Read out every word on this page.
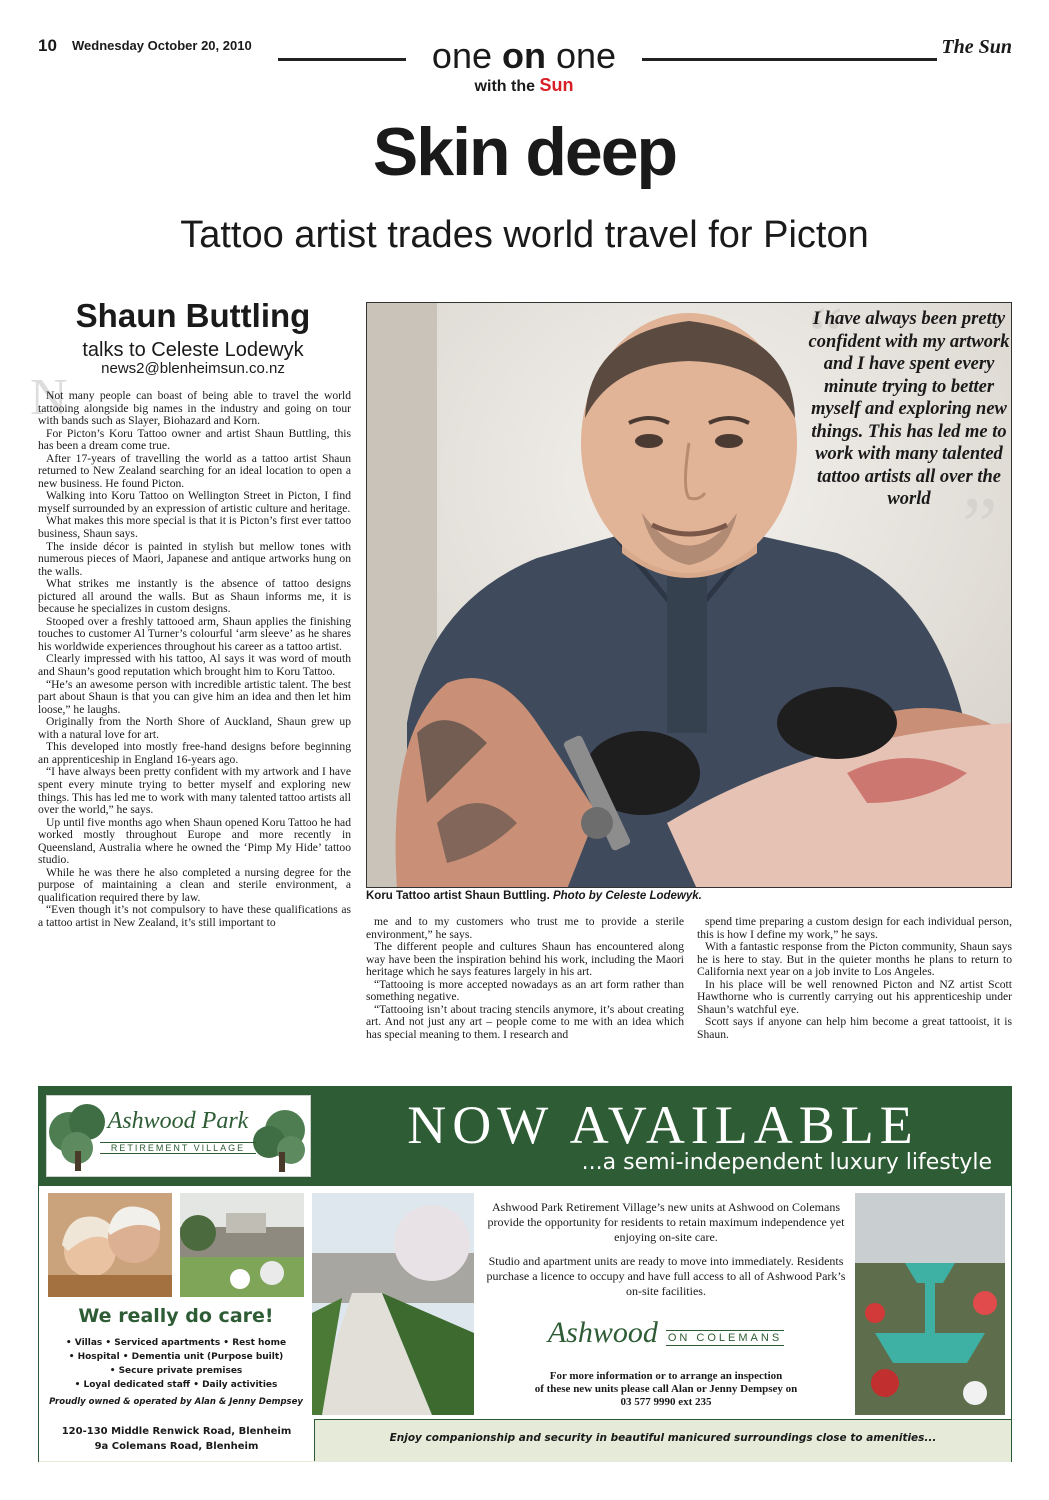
10 Wednesday October 20, 2010	one on one
with the Sun
The Sun
Skin deep
Tattoo artist trades world travel for Picton
Shaun Buttling
talks to Celeste Lodewyk
news2@blenheimsun.co.nz
N

Not many people can boast of being able to travel the world tattooing alongside big names in the industry and going on tour with bands such as Slayer, Biohazard and Korn.

For Picton’s Koru Tattoo owner and artist Shaun Buttling, this has been a dream come true.

After 17-years of travelling the world as a tattoo artist Shaun returned to New Zealand searching for an ideal location to open a new business. He found Picton.

Walking into Koru Tattoo on Wellington Street in Picton, I find myself surrounded by an expression of artistic culture and heritage.

What makes this more special is that it is Picton’s first ever tattoo business, Shaun says.

The inside décor is painted in stylish but mellow tones with numerous pieces of Maori, Japanese and antique artworks hung on the walls.

What strikes me instantly is the absence of tattoo designs pictured all around the walls. But as Shaun informs me, it is because he specializes in custom designs.

Stooped over a freshly tattooed arm, Shaun applies the finishing touches to customer Al Turner’s colourful ‘arm sleeve’ as he shares his worldwide experiences throughout his career as a tattoo artist.

Clearly impressed with his tattoo, Al says it was word of mouth and Shaun’s good reputation which brought him to Koru Tattoo.

“He’s an awesome person with incredible artistic talent. The best part about Shaun is that you can give him an idea and then let him loose,” he laughs.

Originally from the North Shore of Auckland, Shaun grew up with a natural love for art.

This developed into mostly free-hand designs before beginning an apprenticeship in England 16-years ago.

“I have always been pretty confident with my artwork and I have spent every minute trying to better myself and exploring new things. This has led me to work with many talented tattoo artists all over the world,” he says.

Up until five months ago when Shaun opened Koru Tattoo he had worked mostly throughout Europe and more recently in Queensland, Australia where he owned the ‘Pimp My Hide’ tattoo studio.

While he was there he also completed a nursing degree for the purpose of maintaining a clean and sterile environment, a qualification required there by law.

“Even though it’s not compulsory to have these qualifications as a tattoo artist in New Zealand, it’s still important to	me and to my customers who trust me to provide a sterile environment,” he says.

The different people and cultures Shaun has encountered along way have been the inspiration behind his work, including the Maori heritage which he says features largely in his art.

“Tattooing is more accepted nowadays as an art form rather than something negative.

“Tattooing isn’t about tracing stencils anymore, it’s about creating art. And not just any art – people come to me with an idea which has special meaning to them. I research and

spend time preparing a custom design for each individual person, this is how I define my work,” he says.

With a fantastic response from the Picton community, Shaun says he is here to stay. But in the quieter months he plans to return to California next year on a job invite to Los Angeles.

In his place will be well renowned Picton and NZ artist Scott Hawthorne who is currently carrying out his apprenticeship under Shaun’s watchful eye.

Scott says if anyone can help him become a great tattooist, it is Shaun.

“
”
I have always been pretty confident with my artwork and I have spent every minute trying to better myself and exploring new things. This has led me to work with many talented tattoo artists all over the world
Koru Tattoo artist Shaun Buttling. Photo by Celeste Lodewyk.
Ashwood Park
RETIREMENT VILLAGE	NOW AVAILABLE
...a semi-independent luxury lifestyle
We really do care!
• Villas • Serviced apartments • Rest home
• Hospital • Dementia unit (Purpose built)
• Secure private premises
• Loyal dedicated staff • Daily activities
Proudly owned & operated by Alan & Jenny Dempsey

Ashwood Park Retirement Village’s new units at Ashwood on Colemans provide the opportunity for residents to retain maximum independence yet enjoying on-site care.

Studio and apartment units are ready to move into immediately. Residents purchase a licence to occupy and have full access to all of Ashwood Park’s on-site facilities.

Ashwood ON COLEMANS
For more information or to arrange an inspection
of these new units please call Alan or Jenny Dempsey on
03 577 9990 ext 235
120-130 Middle Renwick Road, Blenheim
9a Colemans Road, Blenheim
Enjoy companionship and security in beautiful manicured surroundings close to amenities...
